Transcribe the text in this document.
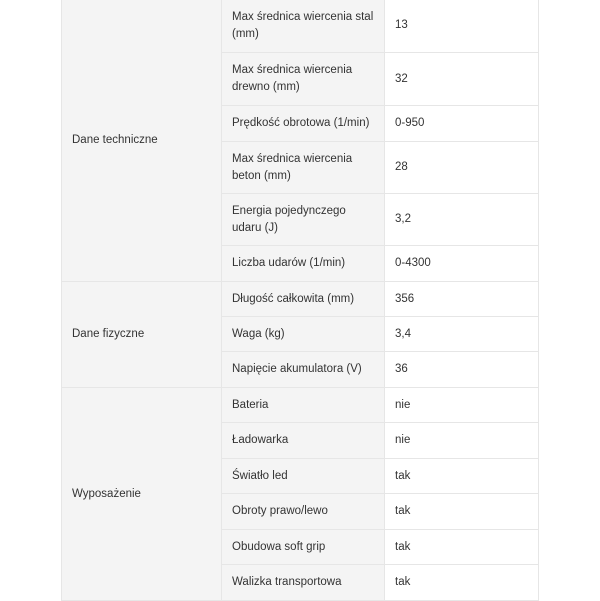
Dane techniczne	Max średnica wiercenia stal (mm)	13
	Max średnica wiercenia drewno (mm)	32
	Prędkość obrotowa (1/min)	0-950
	Max średnica wiercenia beton (mm)	28
	Energia pojedynczego udaru (J)	3,2
	Liczba udarów (1/min)	0-4300
Dane fizyczne	Długość całkowita (mm)	356
	Waga (kg)	3,4
	Napięcie akumulatora (V)	36
Wyposażenie	Bateria	nie
	Ładowarka	nie
	Światło led	tak
	Obroty prawo/lewo	tak
	Obudowa soft grip	tak
	Walizka transportowa	tak
